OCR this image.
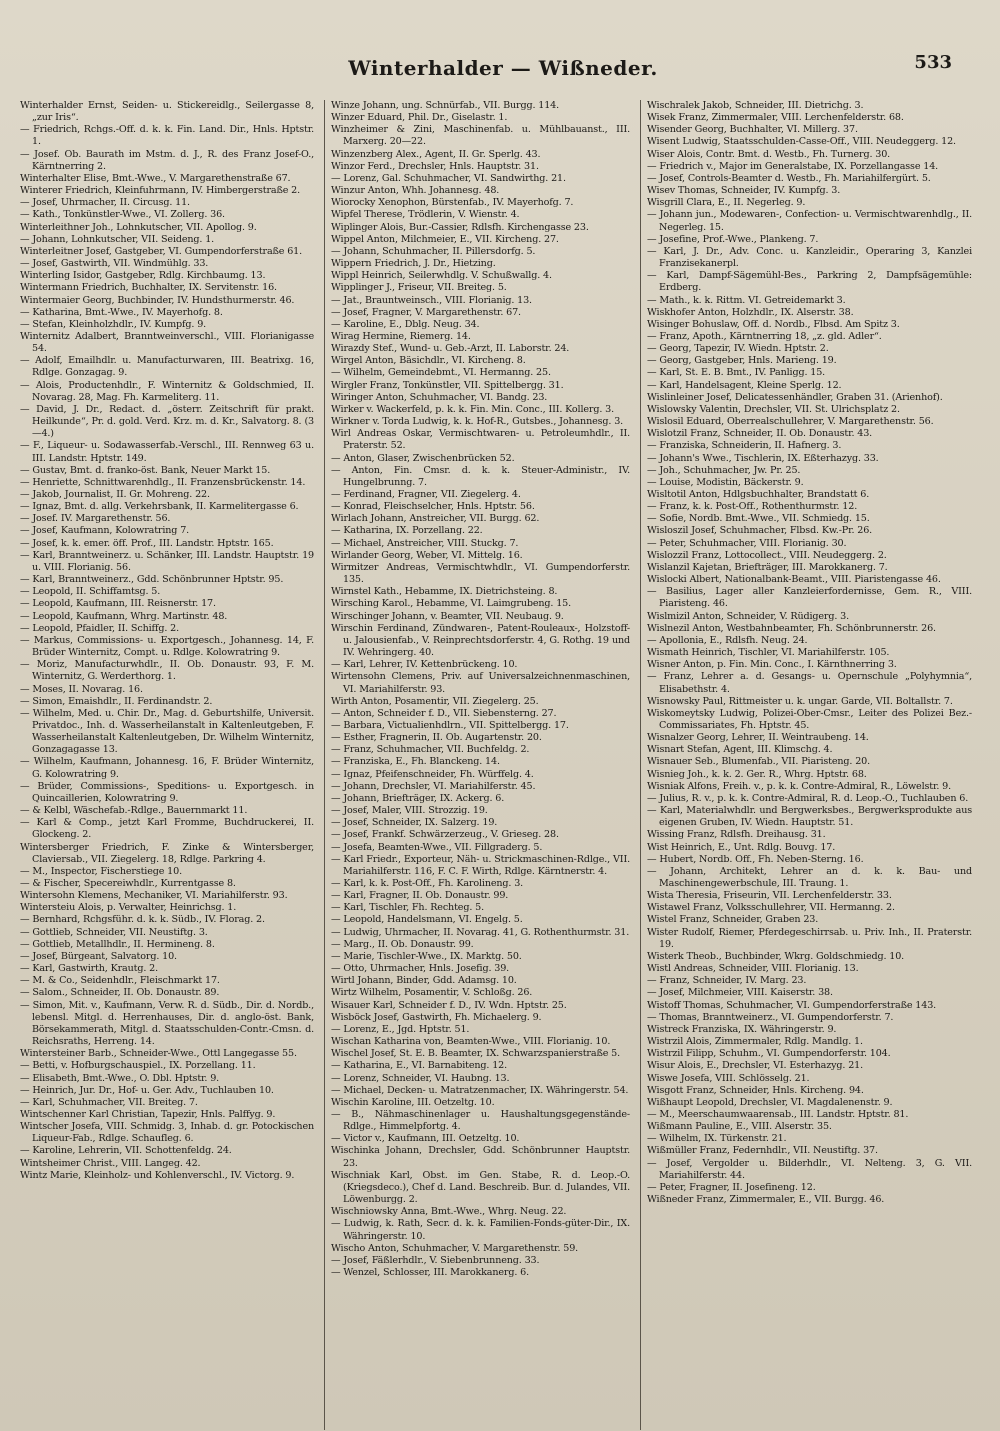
Winterhalder — Wißneder.	533
Winterhalder Ernst, Seiden- u. Stickereidlg., Seilergasse 8, „zur Iris“.
— Friedrich, Rchgs.-Off. d. k. k. Fin. Land. Dir., Hnls. Hptstr. 1.
— Josef. Ob. Baurath im Mstm. d. J., R. des Franz Josef-O., Kärntnerring 2.
Winterhalter Elise, Bmt.-Wwe., V. Margarethenstraße 67.
Winterer Friedrich, Kleinfuhrmann, IV. Himbergerstraße 2.
— Josef, Uhrmacher, II. Circusg. 11.
— Kath., Tonkünstler-Wwe., VI. Zollerg. 36.
Winterleithner Joh., Lohnkutscher, VII. Apollog. 9.
— Johann, Lohnkutscher, VII. Seideng. 1.
Winterleitner Josef, Gastgeber, VI. Gumpendorferstraße 61.
— Josef, Gastwirth, VII. Windmühlg. 33.
Winterling Isidor, Gastgeber, Rdlg. Kirchbaumg. 13.
Wintermann Friedrich, Buchhalter, IX. Servitenstr. 16.
Wintermaier Georg, Buchbinder, IV. Hundsthurmerstr. 46.
— Katharina, Bmt.-Wwe., IV. Mayerhofg. 8.
— Stefan, Kleinholzhdlr., IV. Kumpfg. 9.
Winternitz Adalbert, Branntweinverschl., VIII. Florianigasse 54.
— Adolf, Emailhdlr. u. Manufacturwaren, III. Beatrixg. 16, Rdlge. Gonzagag. 9.
— Alois, Productenhdlr., F. Winternitz & Goldschmied, II. Novarag. 28, Mag. Fh. Karmeliterg. 11.
— David, J. Dr., Redact. d. „österr. Zeitschrift für prakt. Heilkunde“, Pr. d. gold. Verd. Krz. m. d. Kr., Salvatorg. 8. (3—4.)
— F., Liqueur- u. Sodawasserfab.-Verschl., III. Rennweg 63 u. III. Landstr. Hptstr. 149.
— Gustav, Bmt. d. franko-öst. Bank, Neuer Markt 15.
— Henriette, Schnittwarenhdlg., II. Franzensbrückenstr. 14.
— Jakob, Journalist, II. Gr. Mohreng. 22.
— Ignaz, Bmt. d. allg. Verkehrsbank, II. Karmelitergasse 6.
— Josef. IV. Margarethenstr. 56.
— Josef, Kaufmann, Kolowratring 7.
— Josef, k. k. emer. öff. Prof., III. Landstr. Hptstr. 165.
— Karl, Branntweinerz. u. Schänker, III. Landstr. Hauptstr. 19 u. VIII. Florianig. 56.
— Karl, Branntweinerz., Gdd. Schönbrunner Hptstr. 95.
— Leopold, II. Schiffamtsg. 5.
— Leopold, Kaufmann, III. Reisnerstr. 17.
— Leopold, Kaufmann, Whrg. Martinstr. 48.
— Leopold, Pfaidler, II. Schiffg. 2.
— Markus, Commissions- u. Exportgesch., Johannesg. 14, F. Brüder Winternitz, Compt. u. Rdlge. Kolowratring 9.
— Moriz, Manufacturwhdlr., II. Ob. Donaustr. 93, F. M. Winternitz, G. Werderthorg. 1.
— Moses, II. Novarag. 16.
— Simon, Emaishdlr., II. Ferdinandstr. 2.
— Wilhelm, Med. u. Chir. Dr., Mag. d. Geburtshilfe, Universit. Privatdoc., Inh. d. Wasserheilanstalt in Kaltenleutgeben, F. Wasserheilanstalt Kaltenleutgeben, Dr. Wilhelm Winternitz, Gonzagagasse 13.
— Wilhelm, Kaufmann, Johannesg. 16, F. Brüder Winternitz, G. Kolowratring 9.
— Brüder, Commissions-, Speditions- u. Exportgesch. in Quincaillerien, Kolowratring 9.
— & Kelbl, Wäschefab.-Rdlge., Bauernmarkt 11.
— Karl & Comp., jetzt Karl Fromme, Buchdruckerei, II. Glockeng. 2.
Wintersberger Friedrich, F. Zinke & Wintersberger, Claviersab., VII. Ziegelerg. 18, Rdlge. Parkring 4.
— M., Inspector, Fischerstiege 10.
— & Fischer, Specereiwhdlr., Kurrentgasse 8.
Wintersohn Klemens, Mechaniker, VI. Mariahilferstr. 93.
Wintersteiu Alois, p. Verwalter, Heinrichsg. 1.
— Bernhard, Rchgsführ. d. k. k. Südb., IV. Florag. 2.
— Gottlieb, Schneider, VII. Neustiftg. 3.
— Gottlieb, Metallhdlr., II. Hermineng. 8.
— Josef, Bürgeant, Salvatorg. 10.
— Karl, Gastwirth, Krautg. 2.
— M. & Co., Seidenhdlr., Fleischmarkt 17.
— Salom., Schneider, II. Ob. Donaustr. 89.
— Simon, Mit. v., Kaufmann, Verw. R. d. Südb., Dir. d. Nordb., lebensl. Mitgl. d. Herrenhauses, Dir. d. anglo-öst. Bank, Börsekammerath, Mitgl. d. Staatsschulden-Contr.-Cmsn. d. Reichsraths, Herreng. 14.
Wintersteiner Barb., Schneider-Wwe., Ottl Langegasse 55.
— Betti, v. Hofburgschauspiel., IX. Porzellang. 11.
— Elisabeth, Bmt.-Wwe., O. Dbl. Hptstr. 9.
— Heinrich, Jur. Dr., Hof- u. Ger. Adv., Tuchlauben 10.
— Karl, Schuhmacher, VII. Breiteg. 7.
Wintschenner Karl Christian, Tapezir, Hnls. Palffyg. 9.
Wintscher Josefa, VIII. Schmidg. 3, Inhab. d. gr. Potockischen Liqueur-Fab., Rdlge. Schaufleg. 6.
— Karoline, Lehrerin, VII. Schottenfeldg. 24.
Wintsheimer Christ., VIII. Langeg. 42.
Wintz Marie, Kleinholz- und Kohlenverschl., IV. Victorg. 9.
Winze Johann, ung. Schnürfab., VII. Burgg. 114.
Winzer Eduard, Phil. Dr., Giselastr. 1.
Winzheimer & Zini, Maschinenfab. u. Mühlbauanst., III. Marxerg. 20—22.
Winzenzberg Alex., Agent, II. Gr. Sperlg. 43.
Winzor Ferd., Drechsler, Hnls. Hauptstr. 31.
— Lorenz, Gal. Schuhmacher, VI. Sandwirthg. 21.
Winzur Anton, Whh. Johannesg. 48.
Wiorocky Xenophon, Bürstenfab., IV. Mayerhofg. 7.
Wipfel Therese, Trödlerin, V. Wienstr. 4.
Wiplinger Alois, Bur.-Cassier, Rdlsfh. Kirchengasse 23.
Wippel Anton, Milchmeier, E., VII. Kircheng. 27.
— Johann, Schuhmacher, II. Pillersdorfg. 5.
Wippern Friedrich, J. Dr., Hietzing.
Wippl Heinrich, Seilerwhdlg. V. Schußwallg. 4.
Wipplinger J., Friseur, VII. Breiteg. 5.
— Jat., Brauntweinsch., VIII. Florianig. 13.
— Josef, Fragner, V. Margarethenstr. 67.
— Karoline, E., Dblg. Neug. 34.
Wirag Hermine, Riemerg. 14.
Wirazdy Stef., Wund- u. Geb.-Arzt, II. Laborstr. 24.
Wirgel Anton, Bäsichdlr., VI. Kircheng. 8.
— Wilhelm, Gemeindebmt., VI. Hermanng. 25.
Wirgler Franz, Tonkünstler, VII. Spittelbergg. 31.
Wiringer Anton, Schuhmacher, VI. Bandg. 23.
Wirker v. Wackerfeld, p. k. k. Fin. Min. Conc., III. Kollerg. 3.
Wirkner v. Torda Ludwig, k. k. Hof-R., Gutsbes., Johannesg. 3.
Wirl Andreas Oskar, Vermischtwaren- u. Petroleumhdlr., II. Praterstr. 52.
— Anton, Glaser, Zwischenbrücken 52.
— Anton, Fin. Cmsr. d. k. k. Steuer-Administr., IV. Hungelbrunng. 7.
— Ferdinand, Fragner, VII. Ziegelerg. 4.
— Konrad, Fleischselcher, Hnls. Hptstr. 56.
Wirlach Johann, Anstreicher, VII. Burgg. 62.
— Katharina, IX. Porzellang. 22.
— Michael, Anstreicher, VIII. Stuckg. 7.
Wirlander Georg, Weber, VI. Mittelg. 16.
Wirmitzer Andreas, Vermischtwhdlr., VI. Gumpendorferstr. 135.
Wirnstel Kath., Hebamme, IX. Dietrichsteing. 8.
Wirsching Karol., Hebamme, VI. Laimgrubeng. 15.
Wirschinger Johann, v. Beamter, VII. Neubaug. 9.
Wirschin Ferdinand, Zündwaren-, Patent-Rouleaux-, Holzstoff- u. Jalousienfab., V. Reinprechtsdorferstr. 4, G. Rothg. 19 und IV. Wehringerg. 40.
— Karl, Lehrer, IV. Kettenbrückeng. 10.
Wirtensohn Clemens, Priv. auf Universalzeichnenmaschinen, VI. Mariahilferstr. 93.
Wirth Anton, Posamentir, VII. Ziegelerg. 25.
— Anton, Schneider f. D., VII. Siebensterng. 27.
— Barbara, Victualienhdlrn., VII. Spittelbergg. 17.
— Esther, Fragnerin, II. Ob. Augartenstr. 20.
— Franz, Schuhmacher, VII. Buchfeldg. 2.
— Franziska, E., Fh. Blanckeng. 14.
— Ignaz, Pfeifenschneider, Fh. Würffelg. 4.
— Johann, Drechsler, VI. Mariahilferstr. 45.
— Johann, Briefträger, IX. Ackerg. 6.
— Josef, Maler, VIII. Strozzig. 19.
— Josef, Schneider, IX. Salzerg. 19.
— Josef, Frankf. Schwärzerzeug., V. Grieseg. 28.
— Josefa, Beamten-Wwe., VII. Fillgraderg. 5.
— Karl Friedr., Exporteur, Näh- u. Strickmaschinen-Rdlge., VII. Mariahilferstr. 116, F. C. F. Wirth, Rdlge. Kärntnerstr. 4.
— Karl, k. k. Post-Off., Fh. Karolineng. 3.
— Karl, Fragner, II. Ob. Donaustr. 99.
— Karl, Tischler, Fh. Rechteg. 5.
— Leopold, Handelsmann, VI. Engelg. 5.
— Ludwig, Uhrmacher, II. Novarag. 41, G. Rothenthurmstr. 31.
— Marg., II. Ob. Donaustr. 99.
— Marie, Tischler-Wwe., IX. Marktg. 50.
— Otto, Uhrmacher, Hnls. Josefig. 39.
Wirtl Johann, Binder, Gdd. Adamsg. 10.
Wirtz Wilhelm, Posamentir, V. Schloßg. 26.
Wisauer Karl, Schneider f. D., IV. Wdn. Hptstr. 25.
Wisböck Josef, Gastwirth, Fh. Michaelerg. 9.
— Lorenz, E., Jgd. Hptstr. 51.
Wischan Katharina von, Beamten-Wwe., VIII. Florianig. 10.
Wischel Josef, St. E. B. Beamter, IX. Schwarzspanierstraße 5.
— Katharina, E., VI. Barnabiteng. 12.
— Lorenz, Schneider, VI. Haubng. 13.
— Michael, Decken- u. Matratzenmacher, IX. Währingerstr. 54.
Wischin Karoline, III. Oetzeltg. 10.
— B., Nähmaschinenlager u. Haushaltungsgegenstände-Rdlge., Himmelpfortg. 4.
— Victor v., Kaufmann, III. Oetzeltg. 10.
Wischinka Johann, Drechsler, Gdd. Schönbrunner Hauptstr. 23.
Wischniak Karl, Obst. im Gen. Stabe, R. d. Leop.-O. (Kriegsdeco.), Chef d. Land. Beschreib. Bur. d. Julandes, VII. Löwenburgg. 2.
Wischniowsky Anna, Bmt.-Wwe., Whrg. Neug. 22.
— Ludwig, k. Rath, Secr. d. k. k. Familien-Fonds-güter-Dir., IX. Währingerstr. 10.
Wischo Anton, Schuhmacher, V. Margarethenstr. 59.
— Josef, Fäßlerhdlr., V. Siebenbrunneng. 33.
— Wenzel, Schlosser, III. Marokkanerg. 6.
Wischralek Jakob, Schneider, III. Dietrichg. 3.
Wisek Franz, Zimmermaler, VIII. Lerchenfelderstr. 68.
Wisender Georg, Buchhalter, VI. Millerg. 37.
Wisent Ludwig, Staatsschulden-Casse-Off., VIII. Neudeggerg. 12.
Wiser Alois, Contr. Bmt. d. Westb., Fh. Turnerg. 30.
— Friedrich v., Major im Generalstabe, IX. Porzellangasse 14.
— Josef, Controls-Beamter d. Westb., Fh. Mariahilfergürt. 5.
Wisev Thomas, Schneider, IV. Kumpfg. 3.
Wisgrill Clara, E., II. Negerleg. 9.
— Johann jun., Modewaren-, Confection- u. Vermischtwarenhdlg., II. Negerleg. 15.
— Josefine, Prof.-Wwe., Plankeng. 7.
— Karl, J. Dr., Adv. Conc. u. Kanzleidir., Operaring 3, Kanzlei Franzisekanerpl.
— Karl, Dampf-Sägemühl-Bes., Parkring 2, Dampfsägemühle: Erdberg.
— Math., k. k. Rittm. VI. Getreidemarkt 3.
Wiskhofer Anton, Holzhdlr., IX. Alserstr. 38.
Wisinger Bohuslaw, Off. d. Nordb., Flbsd. Am Spitz 3.
— Franz, Apoth., Kärntnerring 18, „z. gld. Adler“.
— Georg, Tapezir, IV. Wiedn. Hptstr. 2.
— Georg, Gastgeber, Hnls. Marieng. 19.
— Karl, St. E. B. Bmt., IV. Panligg. 15.
— Karl, Handelsagent, Kleine Sperlg. 12.
Wislinleiner Josef, Delicatessenhändler, Graben 31. (Arienhof).
Wislowsky Valentin, Drechsler, VII. St. Ulrichsplatz 2.
Wislosil Eduard, Oberrealschullehrer, V. Margarethenstr. 56.
Wislotzil Franz, Schneider, II. Ob. Donaustr. 43.
— Franziska, Schneiderin, II. Hafnerg. 3.
— Johann's Wwe., Tischlerin, IX. Eßterhazyg. 33.
— Joh., Schuhmacher, Jw. Pr. 25.
— Louise, Modistin, Bäckerstr. 9.
Wisltotil Anton, Hdlgsbuchhalter, Brandstatt 6.
— Franz, k. k. Post-Off., Rothenthurmstr. 12.
— Sofie, Nordb. Bmt.-Wwe., VII. Schmiedg. 15.
Wisloszil Josef, Schuhmacher, Flbsd. Kw.-Pr. 26.
— Peter, Schuhmacher, VIII. Florianig. 30.
Wislozzil Franz, Lottocollect., VIII. Neudeggerg. 2.
Wislanzil Kajetan, Briefträger, III. Marokkanerg. 7.
Wislocki Albert, Nationalbank-Beamt., VIII. Piaristengasse 46.
— Basilius, Lager aller Kanzleierfordernisse, Gem. R., VIII. Piaristeng. 46.
Wislmizil Anton, Schneider, V. Rüdigerg. 3.
Wislnezil Anton, Westbahnbeamter, Fh. Schönbrunnerstr. 26.
— Apollonia, E., Rdlsfh. Neug. 24.
Wismath Heinrich, Tischler, VI. Mariahilferstr. 105.
Wisner Anton, p. Fin. Min. Conc., I. Kärnthnerring 3.
— Franz, Lehrer a. d. Gesangs- u. Opernschule „Polyhymnia“, Elisabethstr. 4.
Wisnowsky Paul, Rittmeister u. k. ungar. Garde, VII. Boltallstr. 7.
Wiskomeytsky Ludwig, Polizei-Ober-Cmsr., Leiter des Polizei Bez.-Commissariates, Fh. Hptstr. 45.
Wisnalzer Georg, Lehrer, II. Weintraubeng. 14.
Wisnart Stefan, Agent, III. Klimschg. 4.
Wisnauer Seb., Blumenfab., VII. Piaristeng. 20.
Wisnieg Joh., k. k. 2. Ger. R., Whrg. Hptstr. 68.
Wisniak Alfons, Freih. v., p. k. k. Contre-Admiral, R., Löwelstr. 9.
— Julius, R. v., p. k. k. Contre-Admiral, R. d. Leop.-O., Tuchlauben 6.
— Karl, Materialwhdlr. und Bergwerksbes., Bergwerksprodukte aus eigenen Gruben, IV. Wiedn. Hauptstr. 51.
Wissing Franz, Rdlsfh. Dreihausg. 31.
Wist Heinrich, E., Unt. Rdlg. Bouvg. 17.
— Hubert, Nordb. Off., Fh. Neben-Sterng. 16.
— Johann, Architekt, Lehrer an d. k. k. Bau- und Maschinengewerbschule, III. Traung. 1.
Wista Theresia, Friseurin, VII. Lerchenfelderstr. 33.
Wistawel Franz, Volksschullehrer, VII. Hermanng. 2.
Wistel Franz, Schneider, Graben 23.
Wister Rudolf, Riemer, Pferdegeschirrsab. u. Priv. Inh., II. Praterstr. 19.
Wisterk Theob., Buchbinder, Wkrg. Goldschmiedg. 10.
Wistl Andreas, Schneider, VIII. Florianig. 13.
— Franz, Schneider, IV. Marg. 23.
— Josef, Milchmeier, VIII. Kaiserstr. 38.
Wistoff Thomas, Schuhmacher, VI. Gumpendorferstraße 143.
— Thomas, Branntweinerz., VI. Gumpendorferstr. 7.
Wistreck Franziska, IX. Währingerstr. 9.
Wistrzil Alois, Zimmermaler, Rdlg. Mandlg. 1.
Wistrzil Filipp, Schuhm., VI. Gumpendorferstr. 104.
Wisur Alois, E., Drechsler, VI. Esterhazyg. 21.
Wiswe Josefa, VIII. Schlösselg. 21.
Wisgott Franz, Schneider, Hnls. Kircheng. 94.
Wißhaupt Leopold, Drechsler, VI. Magdalenenstr. 9.
— M., Meerschaumwaarensab., III. Landstr. Hptstr. 81.
Wißmann Pauline, E., VIII. Alserstr. 35.
— Wilhelm, IX. Türkenstr. 21.
Wißmüller Franz, Federnhdlr., VII. Neustiftg. 37.
— Josef, Vergolder u. Bilderhdlr., VI. Nelteng. 3, G. VII. Mariahilferstr. 44.
— Peter, Fragner, II. Josefineng. 12.
Wißneder Franz, Zimmermaler, E., VII. Burgg. 46.
